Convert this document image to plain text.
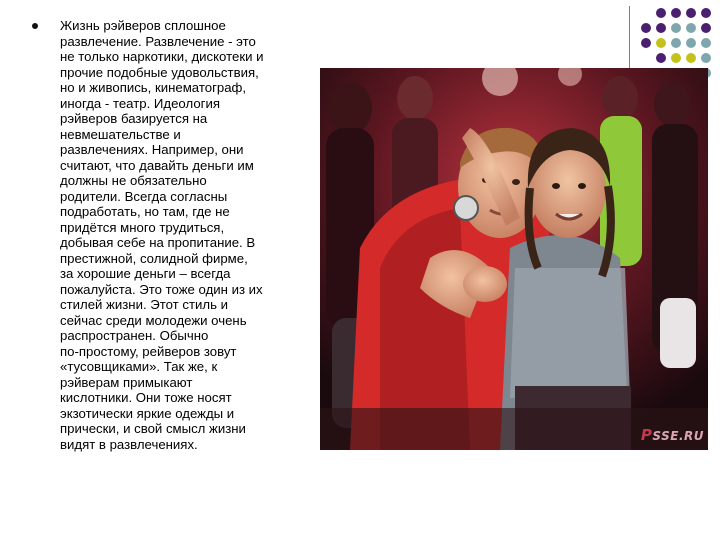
Жизнь рэйверов сплошное
развлечение. Развлечение - это
не только наркотики, дискотеки и
прочие подобные удовольствия,
но и живопись, кинематограф,
иногда - театр. Идеология
рэйверов базируется на
невмешательстве и
развлечениях. Например, они
считают, что давайть деньги им
должны не обязательно
родители. Всегда согласны
подработать, но там, где не
придётся много трудиться,
добывая себе на пропитание. В
престижной, солидной фирме,
за хорошие деньги – всегда
пожалуйста. Это тоже один из их
стилей жизни. Этот стиль и
сейчас среди молодежи очень
распространен. Обычно
по-простому, рейверов зовут
«тусовщиками». Так же, к
рэйверам примыкают
кислотники. Они тоже носят
экзотически яркие одежды и
прически, и свой смысл жизни
видят в развлечениях.	PSSE.RU
